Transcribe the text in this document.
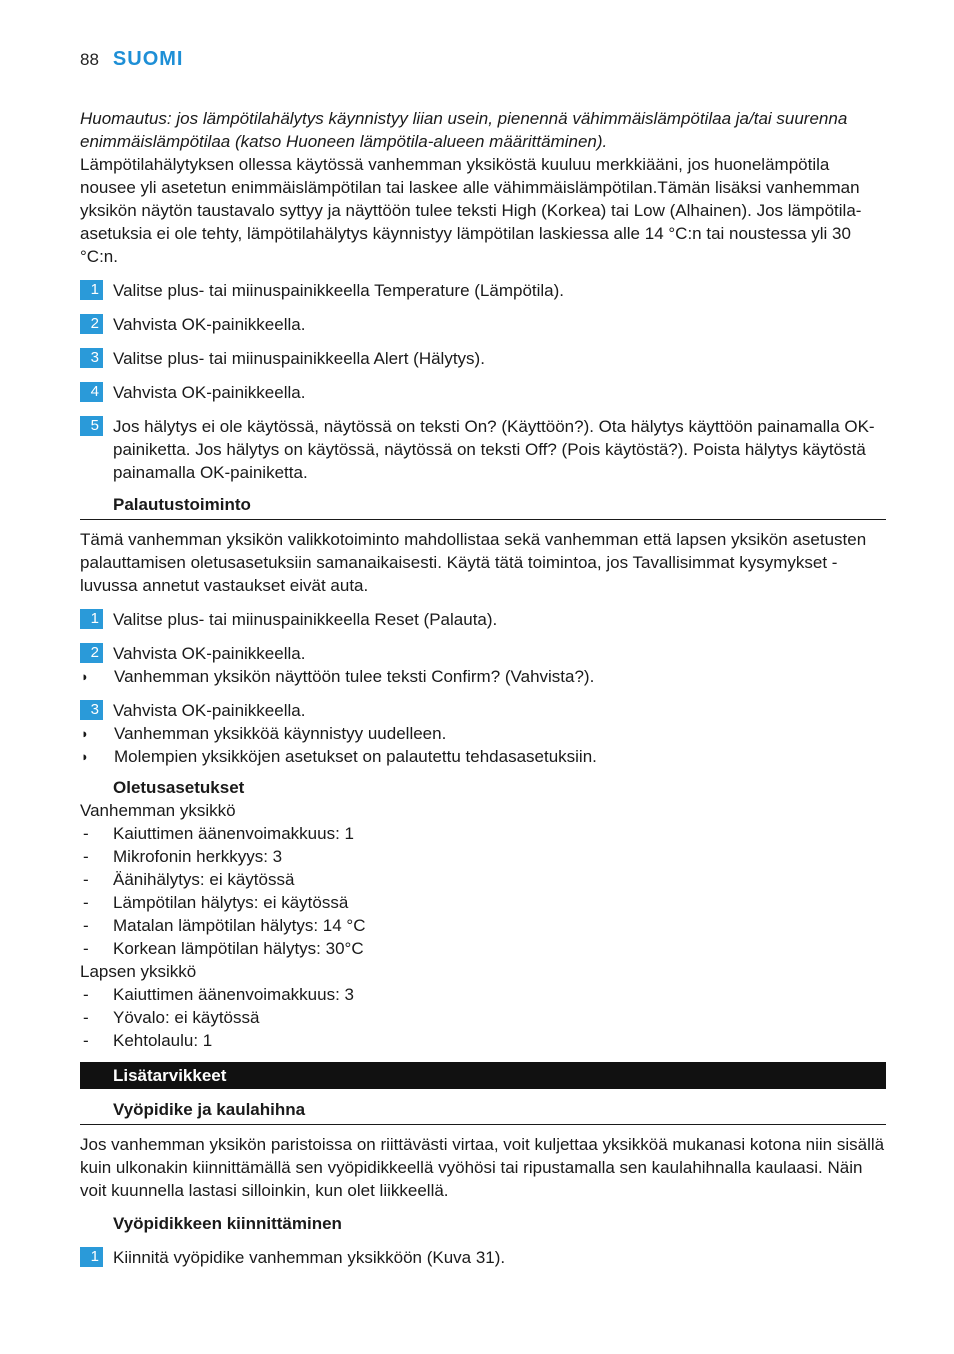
88 SUOMI

Huomautus: jos lämpötilahälytys käynnistyy liian usein, pienennä vähimmäislämpötilaa ja/tai suurenna enimmäislämpötilaa (katso Huoneen lämpötila-alueen määrittäminen).

Lämpötilahälytyksen ollessa käytössä vanhemman yksiköstä kuuluu merkkiääni, jos huonelämpötila nousee yli asetetun enimmäislämpötilan tai laskee alle vähimmäislämpötilan.Tämän lisäksi vanhemman yksikön näytön taustavalo syttyy ja näyttöön tulee teksti High (Korkea) tai Low (Alhainen). Jos lämpötila-asetuksia ei ole tehty, lämpötilahälytys käynnistyy lämpötilan laskiessa alle 14 °C:n tai noustessa yli 30 °C:n.

1 Valitse plus- tai miinuspainikkeella Temperature (Lämpötila).
2 Vahvista OK-painikkeella.
3 Valitse plus- tai miinuspainikkeella Alert (Hälytys).
4 Vahvista OK-painikkeella.
5 Jos hälytys ei ole käytössä, näytössä on teksti On? (Käyttöön?). Ota hälytys käyttöön painamalla OK-painiketta. Jos hälytys on käytössä, näytössä on teksti Off? (Pois käytöstä?). Poista hälytys käytöstä painamalla OK-painiketta.
Palautustoiminto

Tämä vanhemman yksikön valikkotoiminto mahdollistaa sekä vanhemman että lapsen yksikön asetusten palauttamisen oletusasetuksiin samanaikaisesti. Käytä tätä toimintoa, jos Tavallisimmat kysymykset -luvussa annetut vastaukset eivät auta.

1 Valitse plus- tai miinuspainikkeella Reset (Palauta).
2 Vahvista OK-painikkeella.
◗	Vanhemman yksikön näyttöön tulee teksti Confirm? (Vahvista?).
3 Vahvista OK-painikkeella.
◗	Vanhemman yksikköä käynnistyy uudelleen.
◗	Molempien yksikköjen asetukset on palautettu tehdasasetuksiin.
Oletusasetukset

Vanhemman yksikkö

-	Kaiuttimen äänenvoimakkuus: 1
-	Mikrofonin herkkyys: 3
-	Äänihälytys: ei käytössä
-	Lämpötilan hälytys: ei käytössä
-	Matalan lämpötilan hälytys: 14 °C
-	Korkean lämpötilan hälytys: 30°C

Lapsen yksikkö

-	Kaiuttimen äänenvoimakkuus: 3
-	Yövalo: ei käytössä
-	Kehtolaulu: 1
Lisätarvikkeet
Vyöpidike ja kaulahihna

Jos vanhemman yksikön paristoissa on riittävästi virtaa, voit kuljettaa yksikköä mukanasi kotona niin sisällä kuin ulkonakin kiinnittämällä sen vyöpidikkeellä vyöhösi tai ripustamalla sen kaulahihnalla kaulaasi. Näin voit kuunnella lastasi silloinkin, kun olet liikkeellä.

Vyöpidikkeen kiinnittäminen
1 Kiinnitä vyöpidike vanhemman yksikköön (Kuva 31).
